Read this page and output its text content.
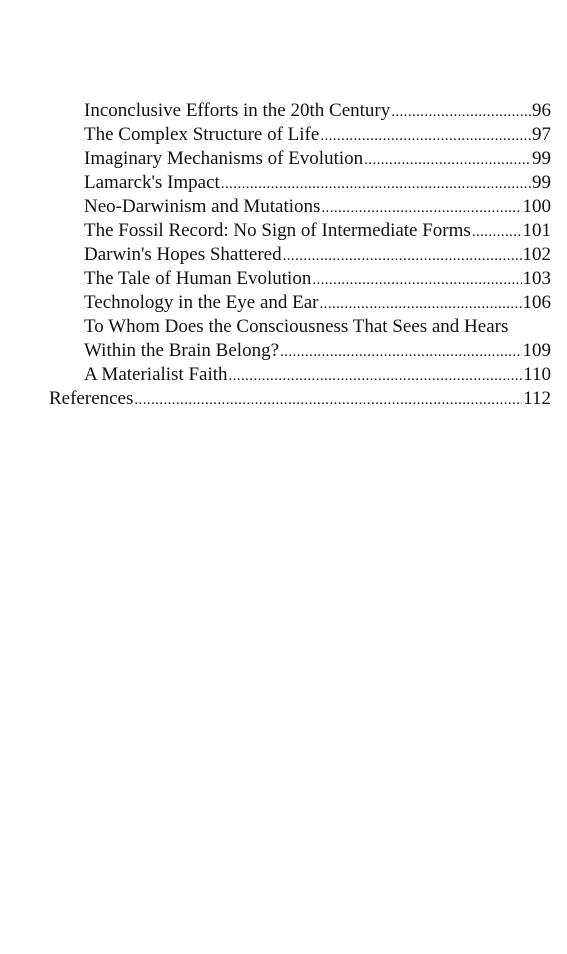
Inconclusive Efforts in the 20th Century .....	96
The Complex Structure of Life .....	97
Imaginary Mechanisms of Evolution .....	99
Lamarck's Impact .....	99
Neo-Darwinism and Mutations .....	100
The Fossil Record: No Sign of Intermediate Forms .....	101
Darwin's Hopes Shattered .....	102
The Tale of Human Evolution .....	103
Technology in the Eye and Ear .....	106
To Whom Does the Consciousness That Sees and Hears
Within the Brain Belong? .....	109
A Materialist Faith .....	110
References .....	112
